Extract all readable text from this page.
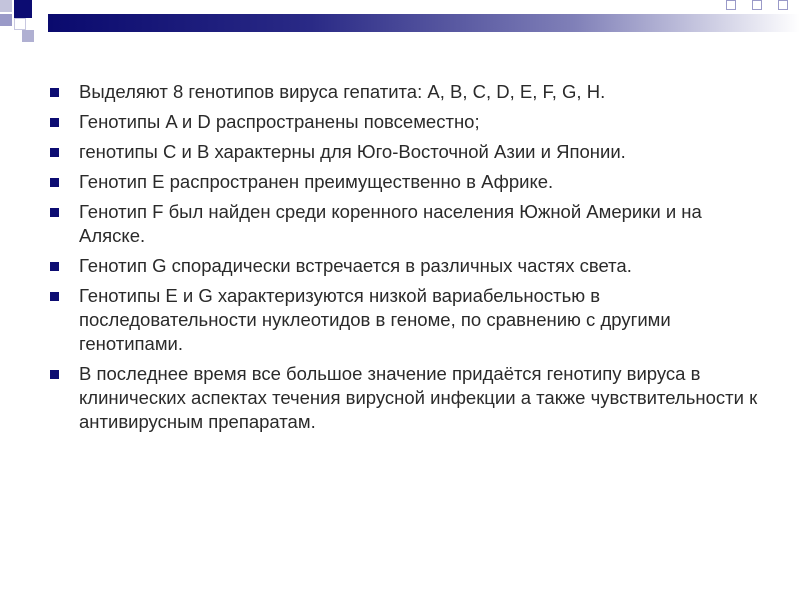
Выделяют 8 генотипов вируса гепатита: A, B, C, D, E, F, G, H.
Генотипы A и D распространены повсеместно;
генотипы C и B характерны для Юго-Восточной Азии и Японии.
Генотип E распространен преимущественно в Африке.
Генотип F был найден среди коренного населения Южной Америки и на Аляске.
Генотип G спорадически встречается в различных частях света.
Генотипы E и G характеризуются низкой вариабельностью в последовательности нуклеотидов в геноме, по сравнению с другими генотипами.
В последнее время все большое значение придаётся генотипу вируса в клинических аспектах течения вирусной инфекции а также чувствительности к антивирусным препаратам.
